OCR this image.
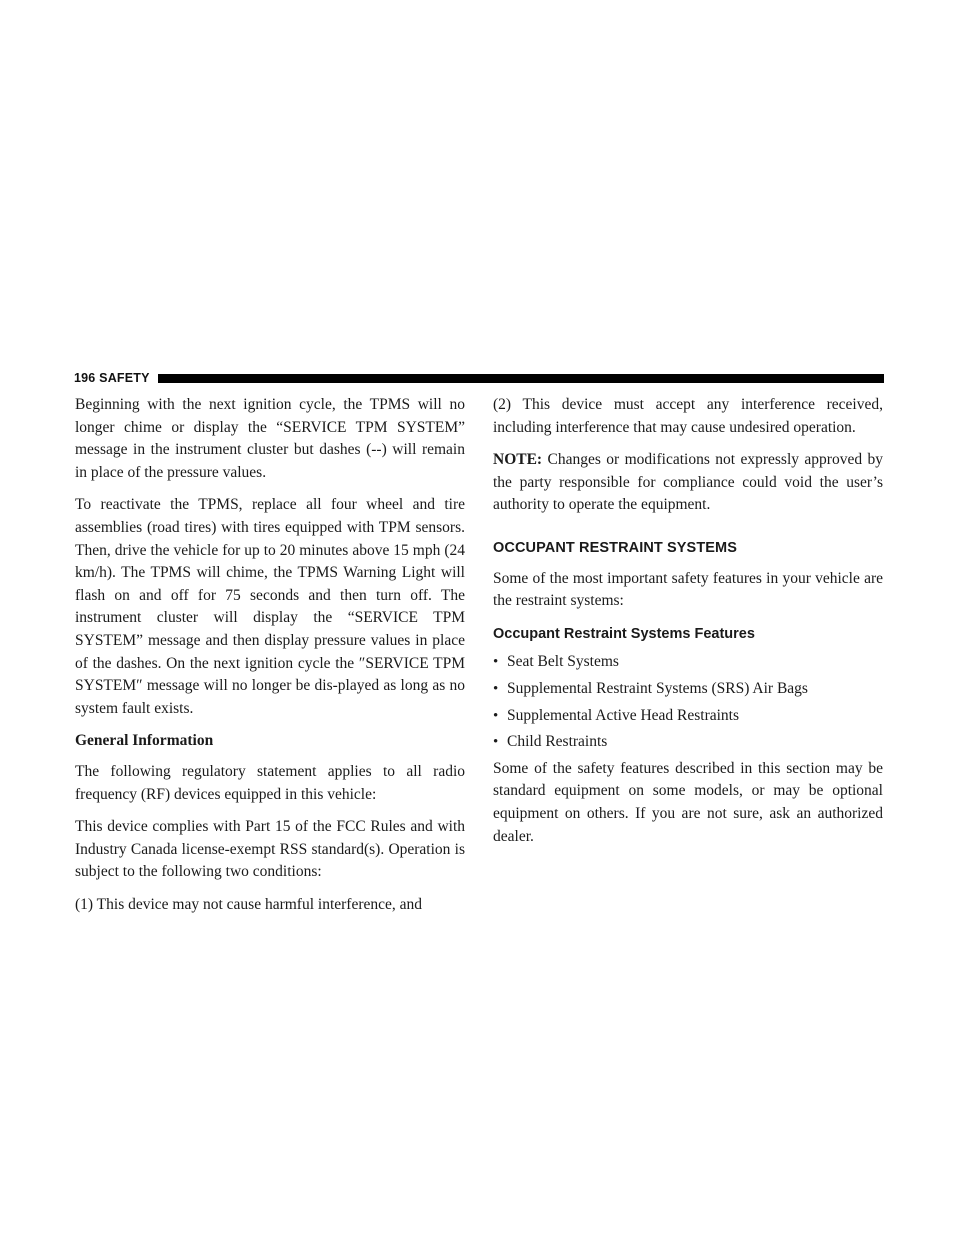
196 SAFETY

Beginning with the next ignition cycle, the TPMS will no longer chime or display the “SERVICE TPM SYSTEM” message in the instrument cluster but dashes (--) will remain in place of the pressure values.

To reactivate the TPMS, replace all four wheel and tire assemblies (road tires) with tires equipped with TPM sensors. Then, drive the vehicle for up to 20 minutes above 15 mph (24 km/h). The TPMS will chime, the TPMS Warning Light will flash on and off for 75 seconds and then turn off. The instrument cluster will display the “SERVICE TPM SYSTEM” message and then display pressure values in place of the dashes. On the next ignition cycle the ″SERVICE TPM SYSTEM″ message will no longer be dis-played as long as no system fault exists.

General Information

The following regulatory statement applies to all radio frequency (RF) devices equipped in this vehicle:

This device complies with Part 15 of the FCC Rules and with Industry Canada license-exempt RSS standard(s). Operation is subject to the following two conditions:

(1) This device may not cause harmful interference, and

(2) This device must accept any interference received, including interference that may cause undesired operation.

NOTE: Changes or modifications not expressly approved by the party responsible for compliance could void the user’s authority to operate the equipment.

OCCUPANT RESTRAINT SYSTEMS

Some of the most important safety features in your vehicle are the restraint systems:

Occupant Restraint Systems Features
• Seat Belt Systems
• Supplemental Restraint Systems (SRS) Air Bags
• Supplemental Active Head Restraints
• Child Restraints

Some of the safety features described in this section may be standard equipment on some models, or may be optional equipment on others. If you are not sure, ask an authorized dealer.
